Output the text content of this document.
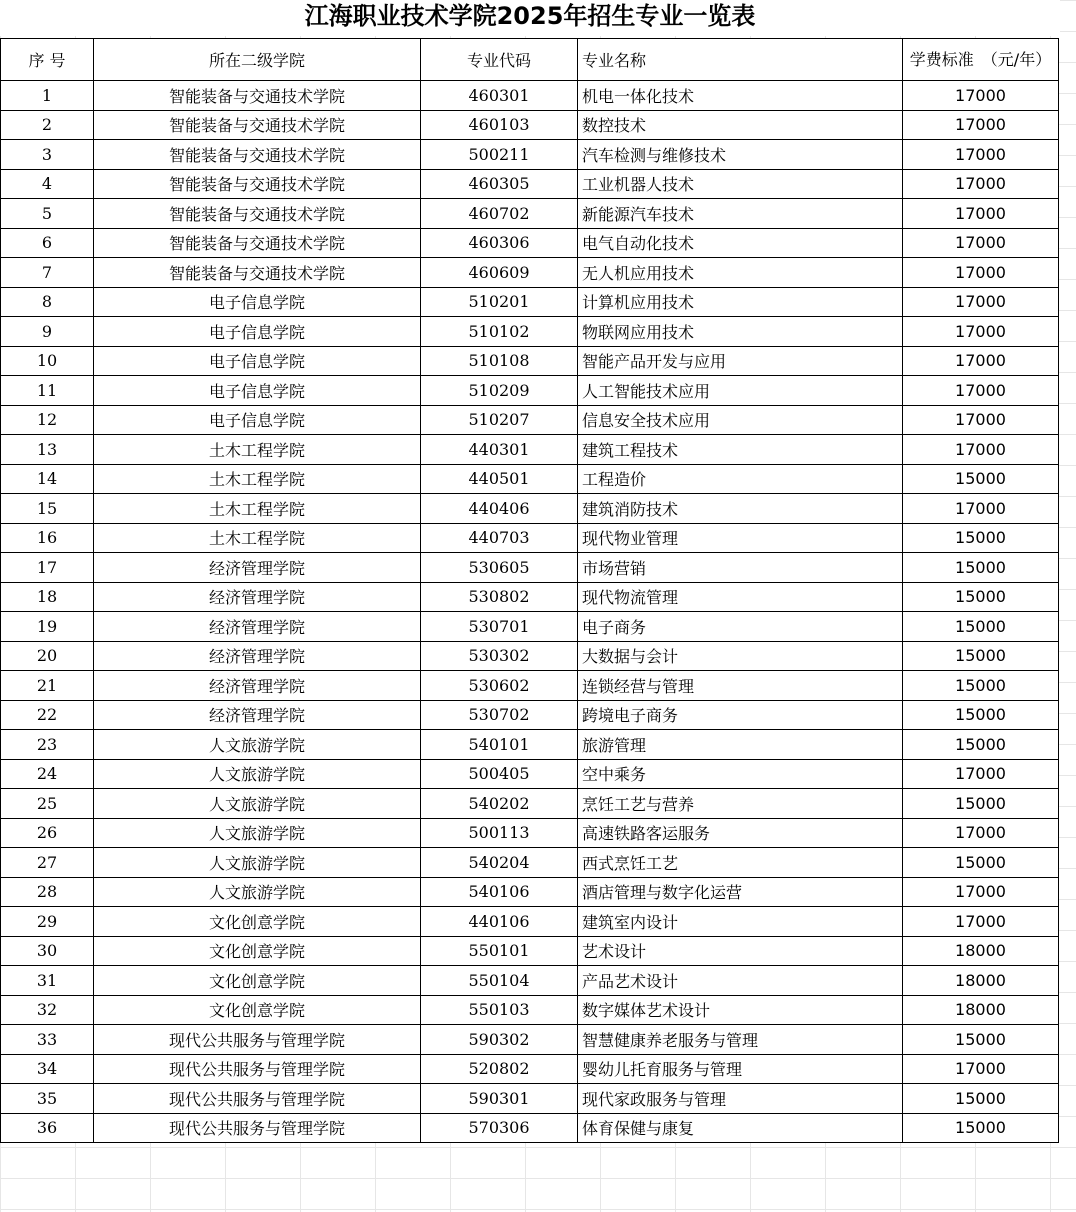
江海职业技术学院2025年招生专业一览表
序 号	所在二级学院	专业代码	专业名称	学费标准　（元/年）
1	智能装备与交通技术学院	460301	机电一体化技术	17000
2	智能装备与交通技术学院	460103	数控技术	17000
3	智能装备与交通技术学院	500211	汽车检测与维修技术	17000
4	智能装备与交通技术学院	460305	工业机器人技术	17000
5	智能装备与交通技术学院	460702	新能源汽车技术	17000
6	智能装备与交通技术学院	460306	电气自动化技术	17000
7	智能装备与交通技术学院	460609	无人机应用技术	17000
8	电子信息学院	510201	计算机应用技术	17000
9	电子信息学院	510102	物联网应用技术	17000
10	电子信息学院	510108	智能产品开发与应用	17000
11	电子信息学院	510209	人工智能技术应用	17000
12	电子信息学院	510207	信息安全技术应用	17000
13	土木工程学院	440301	建筑工程技术	17000
14	土木工程学院	440501	工程造价	15000
15	土木工程学院	440406	建筑消防技术	17000
16	土木工程学院	440703	现代物业管理	15000
17	经济管理学院	530605	市场营销	15000
18	经济管理学院	530802	现代物流管理	15000
19	经济管理学院	530701	电子商务	15000
20	经济管理学院	530302	大数据与会计	15000
21	经济管理学院	530602	连锁经营与管理	15000
22	经济管理学院	530702	跨境电子商务	15000
23	人文旅游学院	540101	旅游管理	15000
24	人文旅游学院	500405	空中乘务	17000
25	人文旅游学院	540202	烹饪工艺与营养	15000
26	人文旅游学院	500113	高速铁路客运服务	17000
27	人文旅游学院	540204	西式烹饪工艺	15000
28	人文旅游学院	540106	酒店管理与数字化运营	17000
29	文化创意学院	440106	建筑室内设计	17000
30	文化创意学院	550101	艺术设计	18000
31	文化创意学院	550104	产品艺术设计	18000
32	文化创意学院	550103	数字媒体艺术设计	18000
33	现代公共服务与管理学院	590302	智慧健康养老服务与管理	15000
34	现代公共服务与管理学院	520802	婴幼儿托育服务与管理	17000
35	现代公共服务与管理学院	590301	现代家政服务与管理	15000
36	现代公共服务与管理学院	570306	体育保健与康复	15000
